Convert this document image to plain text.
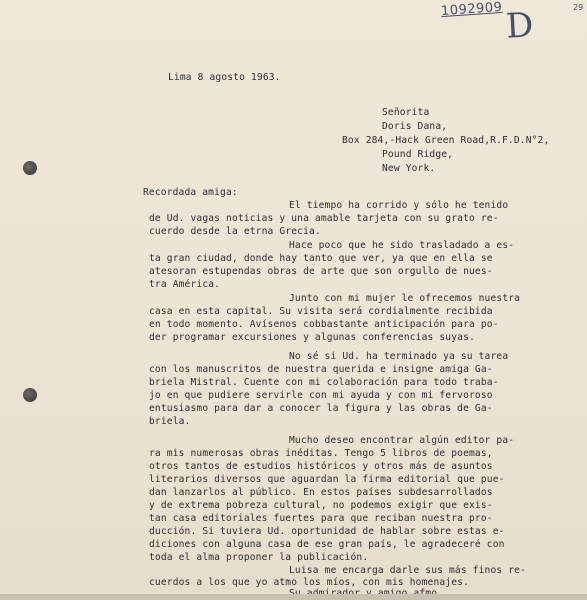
1092909 D	29
Lima 8 agosto 1963.
Señorita
Doris Dana,
Box 284,-Hack Green Road,R.F.D.N°2,
Pound Ridge,
New York.
Recordada amiga:
El tiempo ha corrido y sólo he tenido
de Ud. vagas noticias y una amable tarjeta con su grato re-
cuerdo desde la etrna Grecia.
Hace poco que he sido trasladado a es-
ta gran ciudad, donde hay tanto que ver, ya que en ella se
atesoran estupendas obras de arte que son orgullo de nues-
tra América.
Junto con mi mujer le ofrecemos nuestra
casa en esta capital. Su visita será cordialmente recibida
en todo momento. Avísenos cobbastante anticipación para po-
der programar excursiones y algunas conferencias suyas.
No sé si Ud. ha terminado ya su tarea
con los manuscritos de nuestra querida e insigne amiga Ga-
briela Mistral. Cuente con mi colaboración para todo traba-
jo en que pudiere servirle con mi ayuda y con mi fervoroso
entusiasmo para dar a conocer la figura y las obras de Ga-
briela.
Mucho deseo encontrar algún editor pa-
ra mis numerosas obras inéditas. Tengo 5 libros de poemas,
otros tantos de estudios históricos y otros más de asuntos
literarios diversos que aguardan la firma editorial que pue-
dan lanzarlos al público. En estos países subdesarrollados
y de extrema pobreza cultural, no podemos exigir que exis-
tan casa editoriales fuertes para que reciban nuestra pro-
ducción. Si tuviera Ud. oportunidad de hablar sobre estas e-
diciones con alguna casa de ese gran país, le agradeceré con
toda el alma proponer la publicación.
Luisa me encarga darle sus más finos re-
cuerdos a los que yo atmo los míos, con mis homenajes.
